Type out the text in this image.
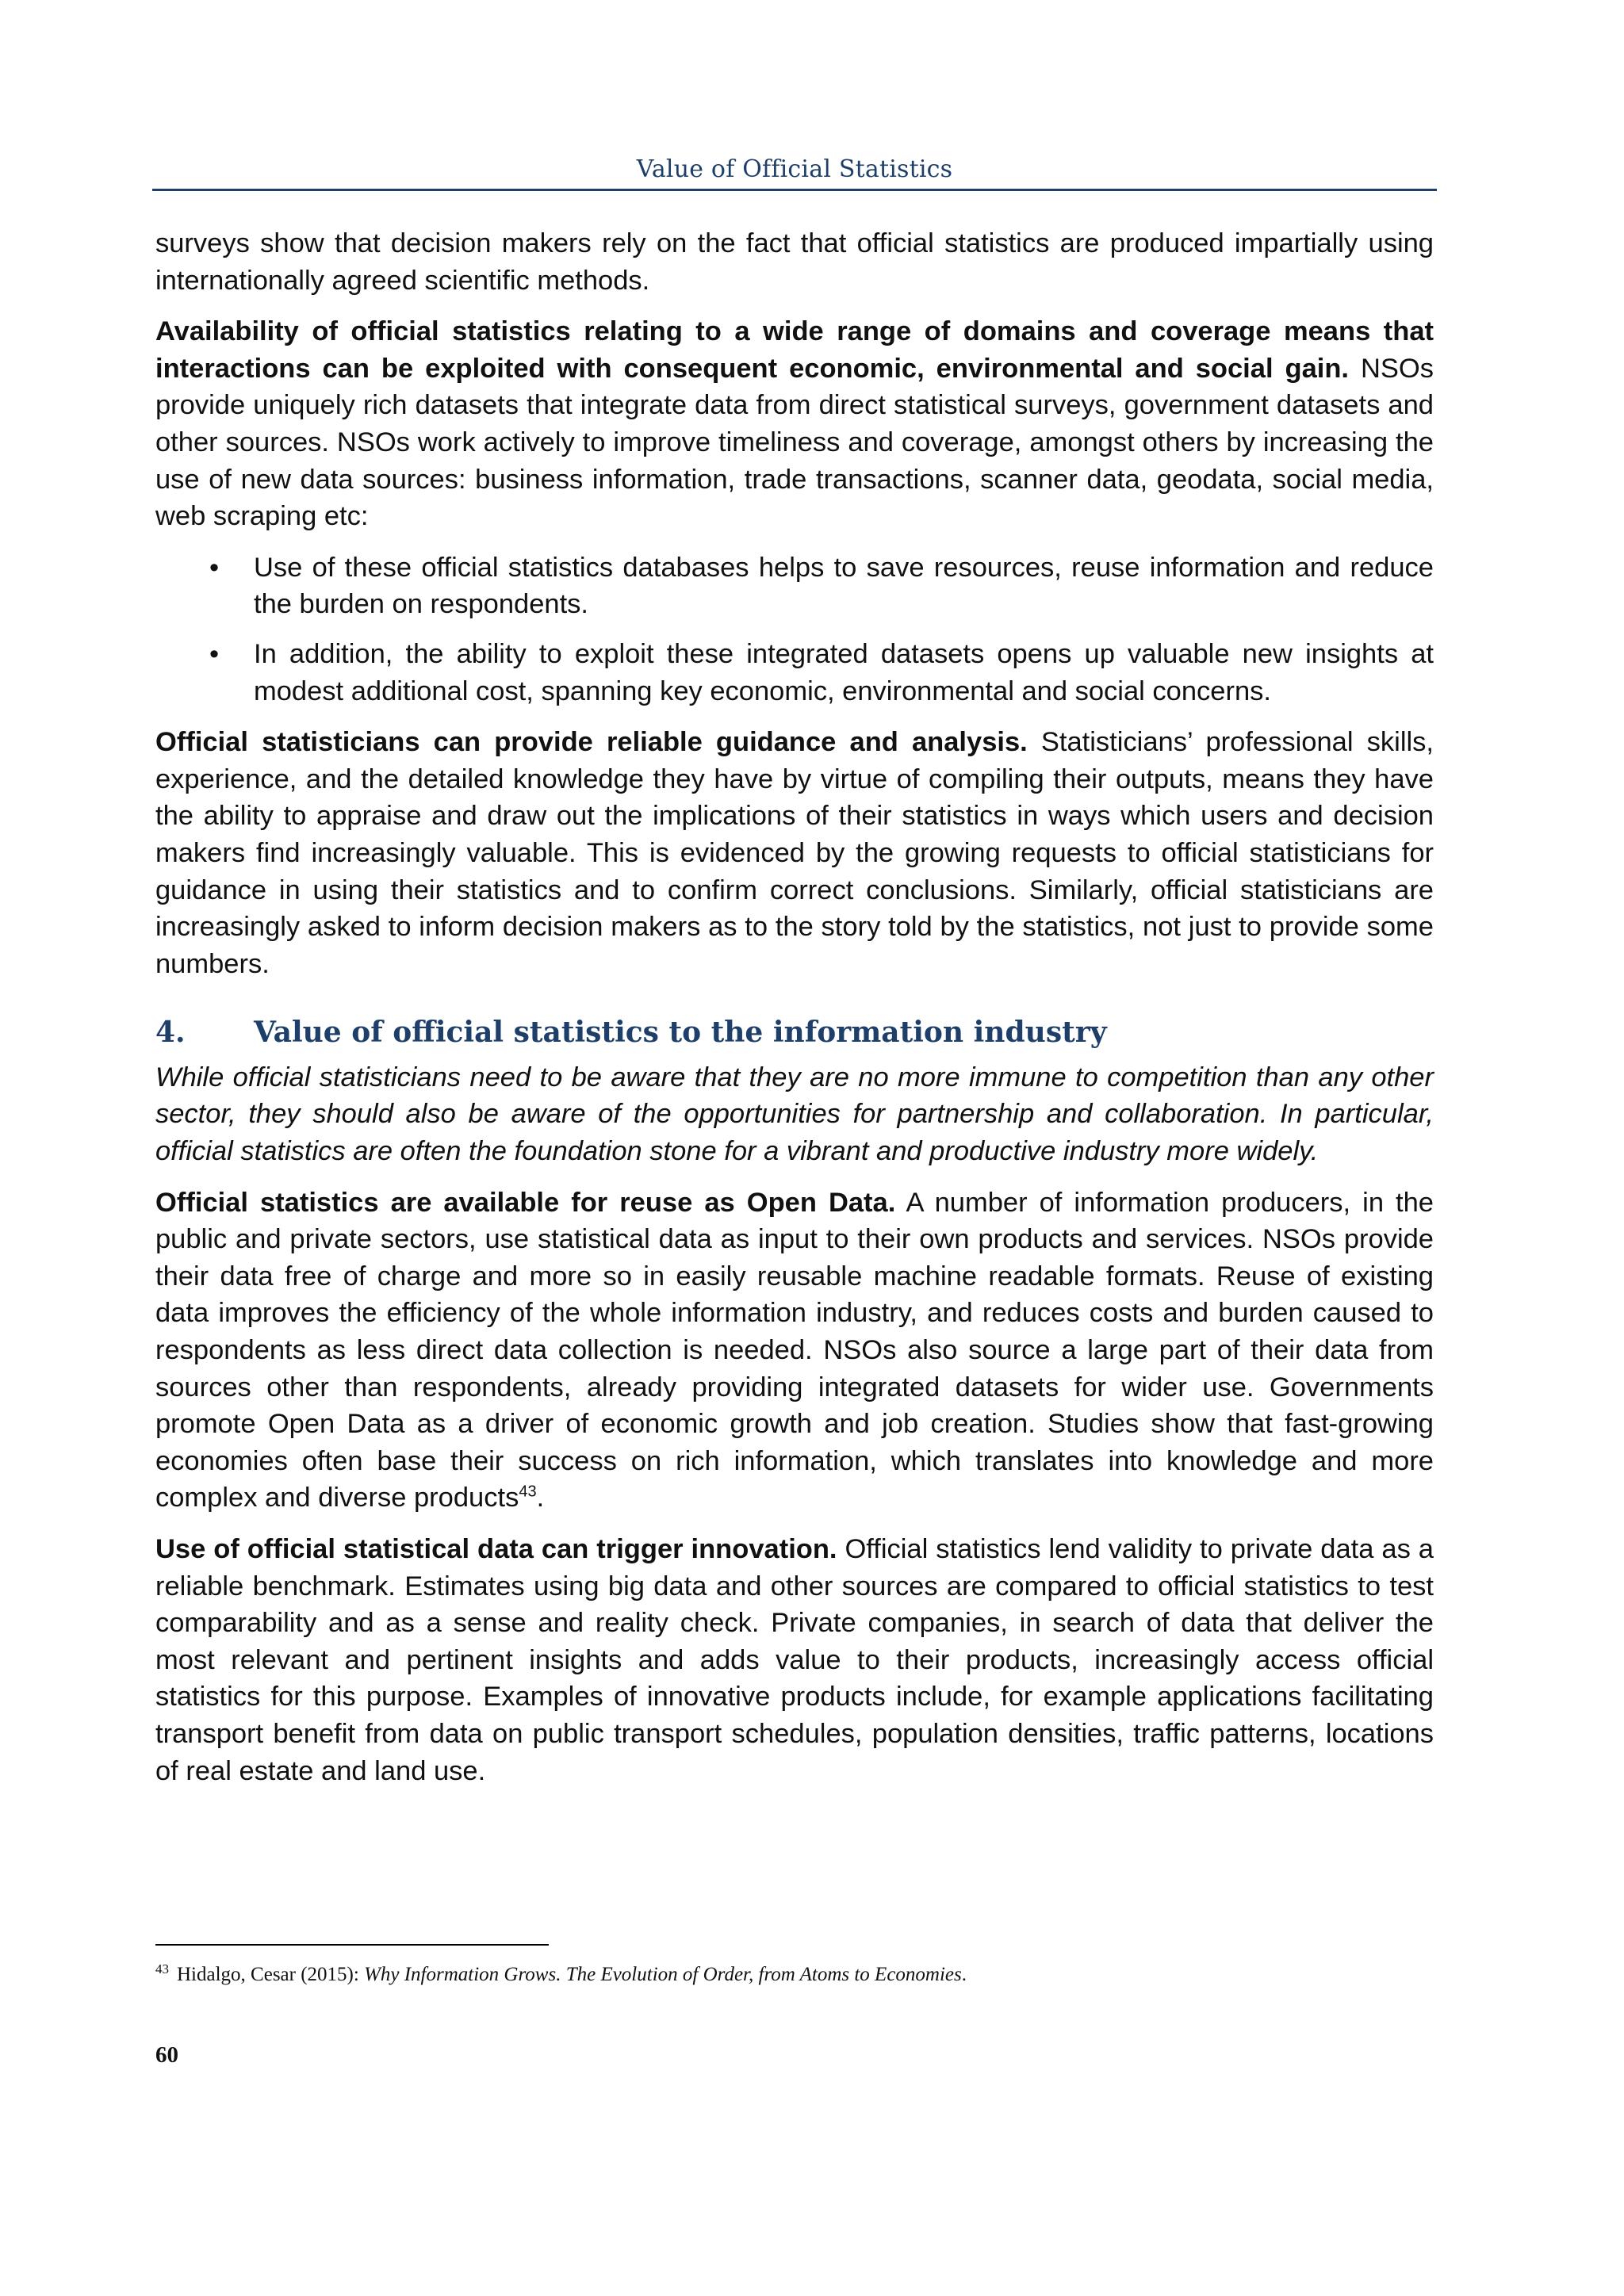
Value of Official Statistics

surveys show that decision makers rely on the fact that official statistics are produced impartially using internationally agreed scientific methods.

Availability of official statistics relating to a wide range of domains and coverage means that interactions can be exploited with consequent economic, environmental and social gain. NSOs provide uniquely rich datasets that integrate data from direct statistical surveys, government datasets and other sources. NSOs work actively to improve timeliness and coverage, amongst others by increasing the use of new data sources: business information, trade transactions, scanner data, geodata, social media, web scraping etc:

• Use of these official statistics databases helps to save resources, reuse information and reduce the burden on respondents.
• In addition, the ability to exploit these integrated datasets opens up valuable new insights at modest additional cost, spanning key economic, environmental and social concerns.

Official statisticians can provide reliable guidance and analysis. Statisticians’ professional skills, experience, and the detailed knowledge they have by virtue of compiling their outputs, means they have the ability to appraise and draw out the implications of their statistics in ways which users and decision makers find increasingly valuable. This is evidenced by the growing requests to official statisticians for guidance in using their statistics and to confirm correct conclusions. Similarly, official statisticians are increasingly asked to inform decision makers as to the story told by the statistics, not just to provide some numbers.

4.	Value of official statistics to the information industry

While official statisticians need to be aware that they are no more immune to competition than any other sector, they should also be aware of the opportunities for partnership and collaboration. In particular, official statistics are often the foundation stone for a vibrant and productive industry more widely.

Official statistics are available for reuse as Open Data. A number of information producers, in the public and private sectors, use statistical data as input to their own products and services. NSOs provide their data free of charge and more so in easily reusable machine readable formats. Reuse of existing data improves the efficiency of the whole information industry, and reduces costs and burden caused to respondents as less direct data collection is needed. NSOs also source a large part of their data from sources other than respondents, already providing integrated datasets for wider use. Governments promote Open Data as a driver of economic growth and job creation. Studies show that fast-growing economies often base their success on rich information, which translates into knowledge and more complex and diverse products$^{43}$.

Use of official statistical data can trigger innovation. Official statistics lend validity to private data as a reliable benchmark. Estimates using big data and other sources are compared to official statistics to test comparability and as a sense and reality check. Private companies, in search of data that deliver the most relevant and pertinent insights and adds value to their products, increasingly access official statistics for this purpose. Examples of innovative products include, for example applications facilitating transport benefit from data on public transport schedules, population densities, traffic patterns, locations of real estate and land use.

$^{43}$ Hidalgo, Cesar (2015): Why Information Grows. The Evolution of Order, from Atoms to Economies.
60
